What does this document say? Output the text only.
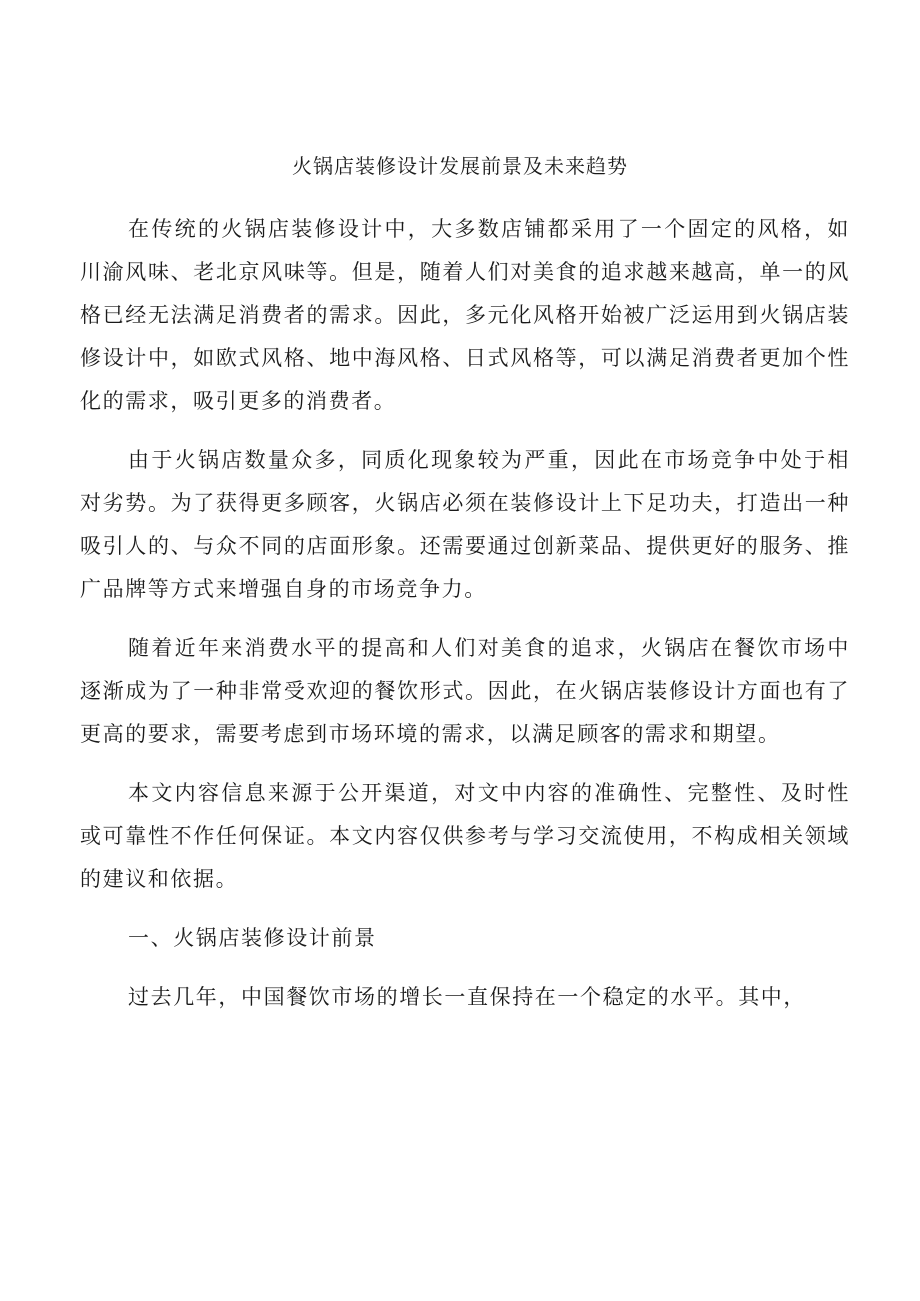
火锅店装修设计发展前景及未来趋势

在传统的火锅店装修设计中，大多数店铺都采用了一个固定的风格，如川渝风味、老北京风味等。但是，随着人们对美食的追求越来越高，单一的风格已经无法满足消费者的需求。因此，多元化风格开始被广泛运用到火锅店装修设计中，如欧式风格、地中海风格、日式风格等，可以满足消费者更加个性化的需求，吸引更多的消费者。

由于火锅店数量众多，同质化现象较为严重，因此在市场竞争中处于相对劣势。为了获得更多顾客，火锅店必须在装修设计上下足功夫，打造出一种吸引人的、与众不同的店面形象。还需要通过创新菜品、提供更好的服务、推广品牌等方式来增强自身的市场竞争力。

随着近年来消费水平的提高和人们对美食的追求，火锅店在餐饮市场中逐渐成为了一种非常受欢迎的餐饮形式。因此，在火锅店装修设计方面也有了更高的要求，需要考虑到市场环境的需求，以满足顾客的需求和期望。

本文内容信息来源于公开渠道，对文中内容的准确性、完整性、及时性或可靠性不作任何保证。本文内容仅供参考与学习交流使用，不构成相关领域的建议和依据。

一、火锅店装修设计前景

过去几年，中国餐饮市场的增长一直保持在一个稳定的水平。其中，
